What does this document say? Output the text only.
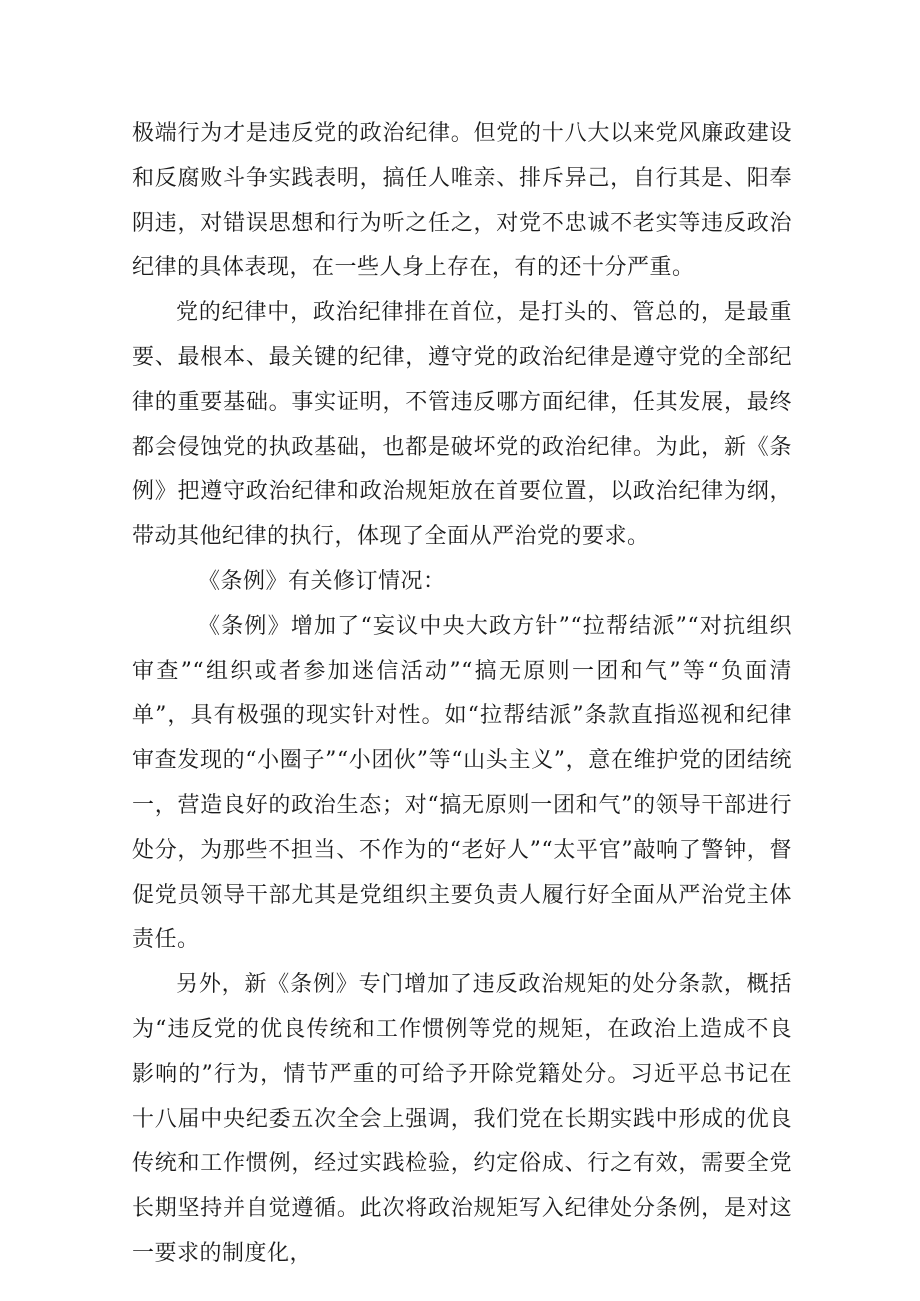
极端行为才是违反党的政治纪律。但党的十八大以来党风廉政建设和反腐败斗争实践表明，搞任人唯亲、排斥异己，自行其是、阳奉阴违，对错误思想和行为听之任之，对党不忠诚不老实等违反政治纪律的具体表现，在一些人身上存在，有的还十分严重。

党的纪律中，政治纪律排在首位，是打头的、管总的，是最重要、最根本、最关键的纪律，遵守党的政治纪律是遵守党的全部纪律的重要基础。事实证明，不管违反哪方面纪律，任其发展，最终都会侵蚀党的执政基础，也都是破坏党的政治纪律。为此，新《条例》把遵守政治纪律和政治规矩放在首要位置，以政治纪律为纲，带动其他纪律的执行，体现了全面从严治党的要求。

《条例》有关修订情况：

《条例》增加了“妄议中央大政方针”“拉帮结派”“对抗组织审查”“组织或者参加迷信活动”“搞无原则一团和气”等“负面清单”，具有极强的现实针对性。如“拉帮结派”条款直指巡视和纪律审查发现的“小圈子”“小团伙”等“山头主义”，意在维护党的团结统一，营造良好的政治生态；对“搞无原则一团和气”的领导干部进行处分，为那些不担当、不作为的“老好人”“太平官”敲响了警钟，督促党员领导干部尤其是党组织主要负责人履行好全面从严治党主体责任。

另外，新《条例》专门增加了违反政治规矩的处分条款，概括为“违反党的优良传统和工作惯例等党的规矩，在政治上造成不良影响的”行为，情节严重的可给予开除党籍处分。习近平总书记在十八届中央纪委五次全会上强调，我们党在长期实践中形成的优良传统和工作惯例，经过实践检验，约定俗成、行之有效，需要全党长期坚持并自觉遵循。此次将政治规矩写入纪律处分条例，是对这一要求的制度化，
